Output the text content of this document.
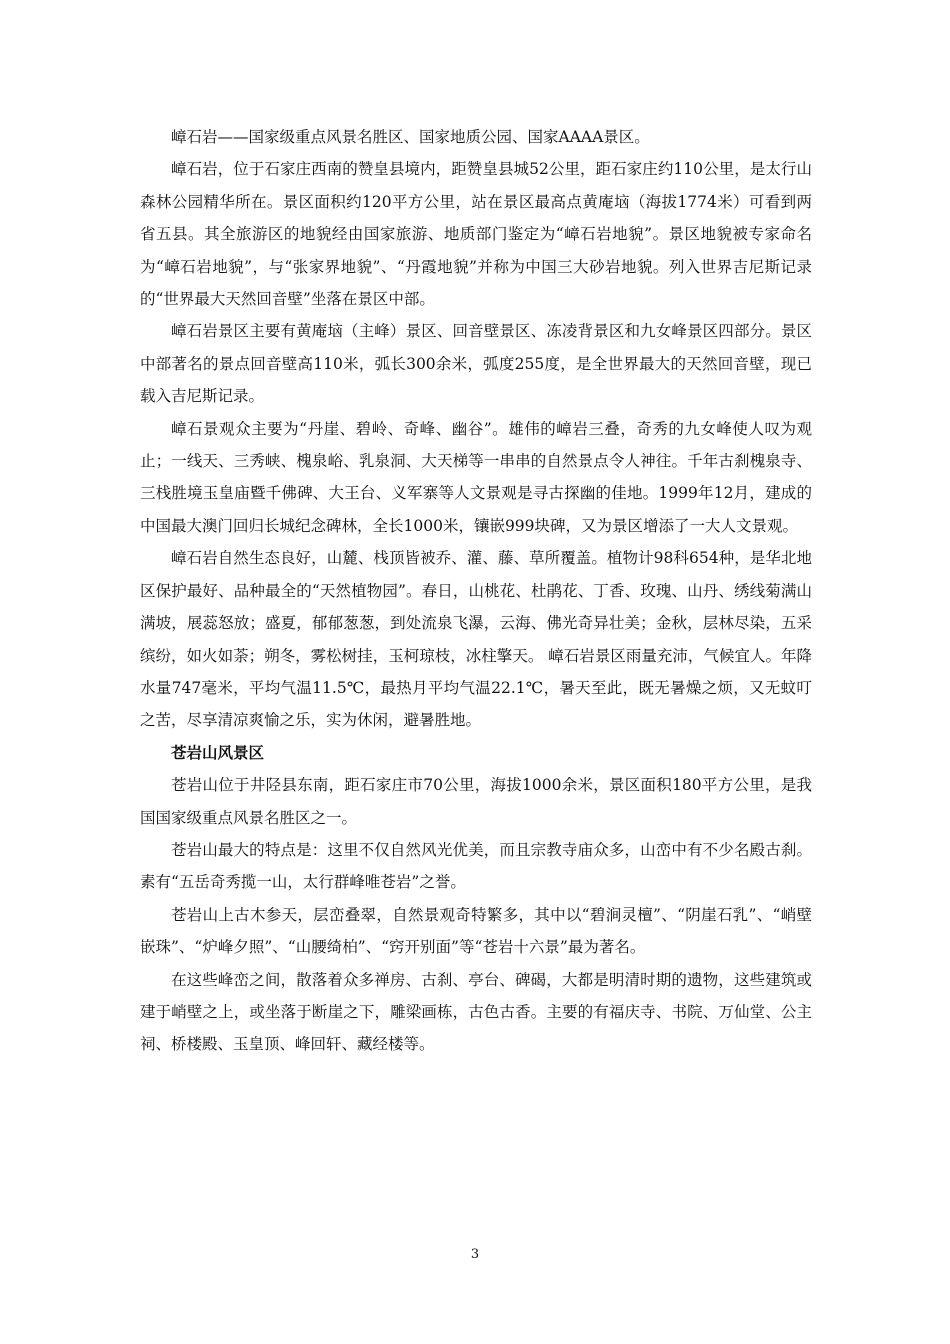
嶂石岩——国家级重点风景名胜区、国家地质公园、国家AAAA景区。

嶂石岩，位于石家庄西南的赞皇县境内，距赞皇县城52公里，距石家庄约110公里，是太行山森林公园精华所在。景区面积约120平方公里，站在景区最高点黄庵垴（海拔1774米）可看到两省五县。其全旅游区的地貌经由国家旅游、地质部门鉴定为“嶂石岩地貌”。景区地貌被专家命名为“嶂石岩地貌”，与“张家界地貌”、“丹霞地貌”并称为中国三大砂岩地貌。列入世界吉尼斯记录的“世界最大天然回音壁”坐落在景区中部。

嶂石岩景区主要有黄庵垴（主峰）景区、回音壁景区、冻凌背景区和九女峰景区四部分。景区中部著名的景点回音壁高110米，弧长300余米，弧度255度，是全世界最大的天然回音壁，现已载入吉尼斯记录。

嶂石景观众主要为“丹崖、碧岭、奇峰、幽谷”。雄伟的嶂岩三叠，奇秀的九女峰使人叹为观止；一线天、三秀峡、槐泉峪、乳泉洞、大天梯等一串串的自然景点令人神往。千年古刹槐泉寺、三栈胜境玉皇庙暨千佛碑、大王台、义军寨等人文景观是寻古探幽的佳地。1999年12月，建成的中国最大澳门回归长城纪念碑林，全长1000米，镶嵌999块碑，又为景区增添了一大人文景观。

嶂石岩自然生态良好，山麓、栈顶皆被乔、灌、藤、草所覆盖。植物计98科654种，是华北地区保护最好、品种最全的“天然植物园”。春日，山桃花、杜鹃花、丁香、玫瑰、山丹、绣线菊满山满坡，展蕊怒放；盛夏，郁郁葱葱，到处流泉飞瀑，云海、佛光奇异壮美；金秋，层林尽染，五采缤纷，如火如荼；朔冬，雾松树挂，玉柯琼枝，冰柱擎天。 嶂石岩景区雨量充沛，气候宜人。年降水量747毫米，平均气温11.5℃，最热月平均气温22.1℃，暑天至此，既无暑燥之烦，又无蚊叮之苦，尽享清凉爽愉之乐，实为休闲，避暑胜地。

苍岩山风景区

苍岩山位于井陉县东南，距石家庄市70公里，海拔1000余米，景区面积180平方公里，是我国国家级重点风景名胜区之一。

苍岩山最大的特点是：这里不仅自然风光优美，而且宗教寺庙众多，山峦中有不少名殿古刹。素有“五岳奇秀揽一山，太行群峰唯苍岩”之誉。

苍岩山上古木参天，层峦叠翠，自然景观奇特繁多，其中以“碧涧灵檀”、“阴崖石乳”、“峭壁嵌珠”、“炉峰夕照”、“山腰绮柏”、“窍开别面”等“苍岩十六景”最为著名。

在这些峰峦之间，散落着众多禅房、古刹、亭台、碑碣，大都是明清时期的遗物，这些建筑或建于峭壁之上，或坐落于断崖之下，雕梁画栋，古色古香。主要的有福庆寺、书院、万仙堂、公主祠、桥楼殿、玉皇顶、峰回轩、藏经楼等。

3
